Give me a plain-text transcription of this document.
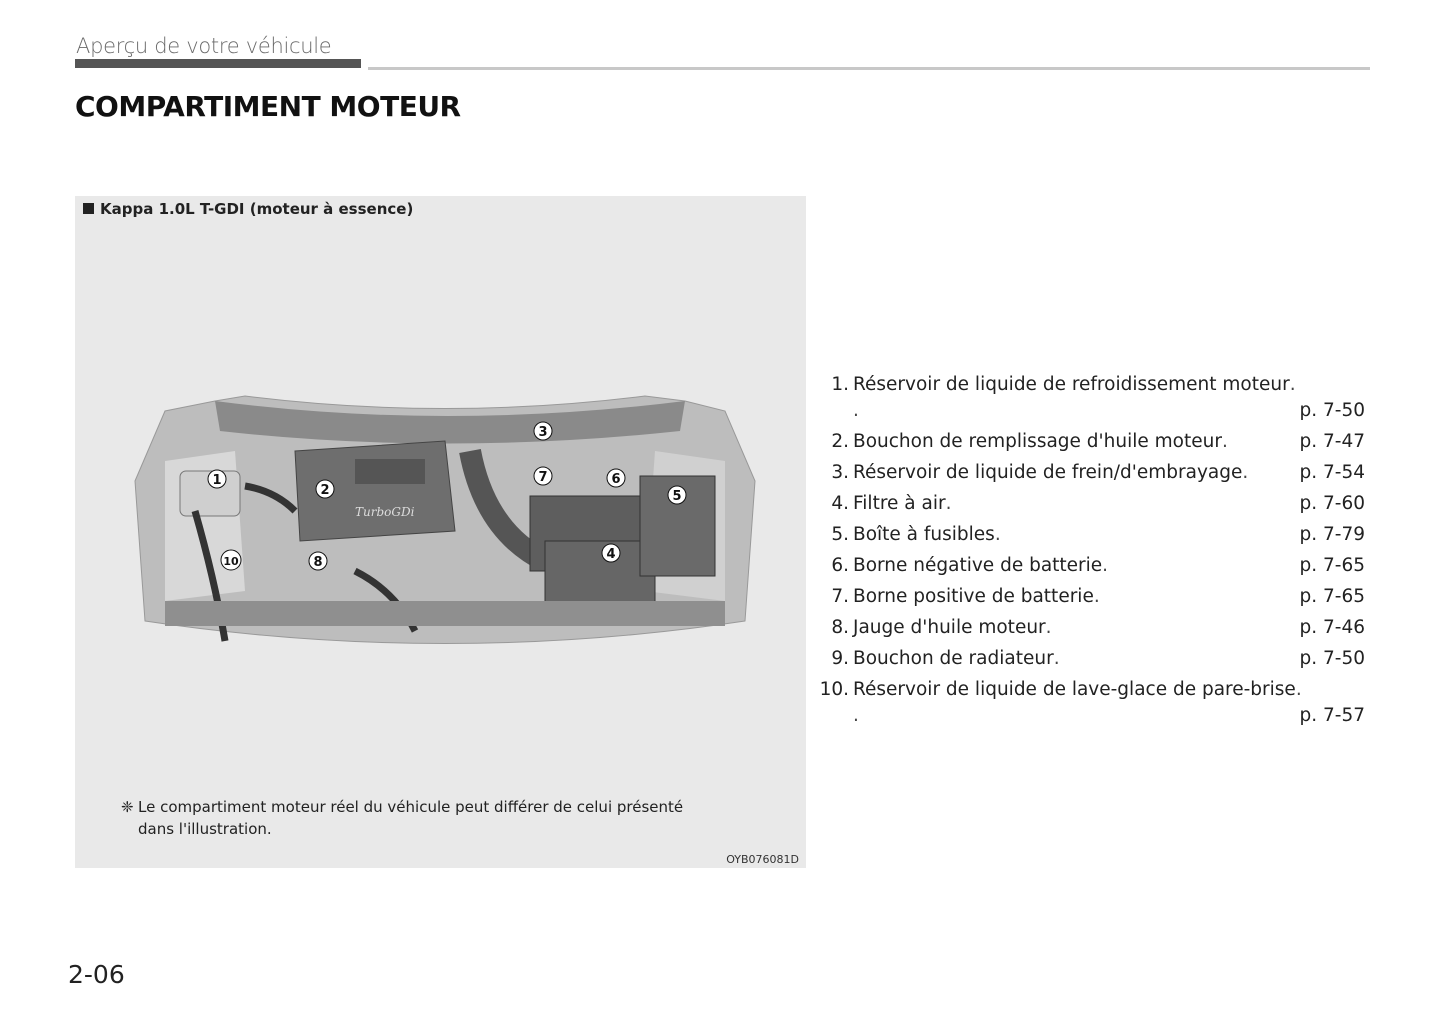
Aperçu de votre véhicule
COMPARTIMENT MOTEUR
Kappa 1.0L T-GDI (moteur à essence)
TurboGDi
1
2
3
4
5
6
7
8
10
❈ Le compartiment moteur réel du véhicule peut différer de celui présenté dans l'illustration.
OYB076081D
1. Réservoir de liquide de refroidissement moteur .
.	p. 7-50
2. Bouchon de remplissage d'huile moteur .	p. 7-47
3. Réservoir de liquide de frein/d'embrayage .	p. 7-54
4. Filtre à air .	p. 7-60
5. Boîte à fusibles .	p. 7-79
6. Borne négative de batterie .	p. 7-65
7. Borne positive de batterie .	p. 7-65
8. Jauge d'huile moteur .	p. 7-46
9. Bouchon de radiateur .	p. 7-50
10. Réservoir de liquide de lave-glace de pare-brise .
.	p. 7-57
2-06
